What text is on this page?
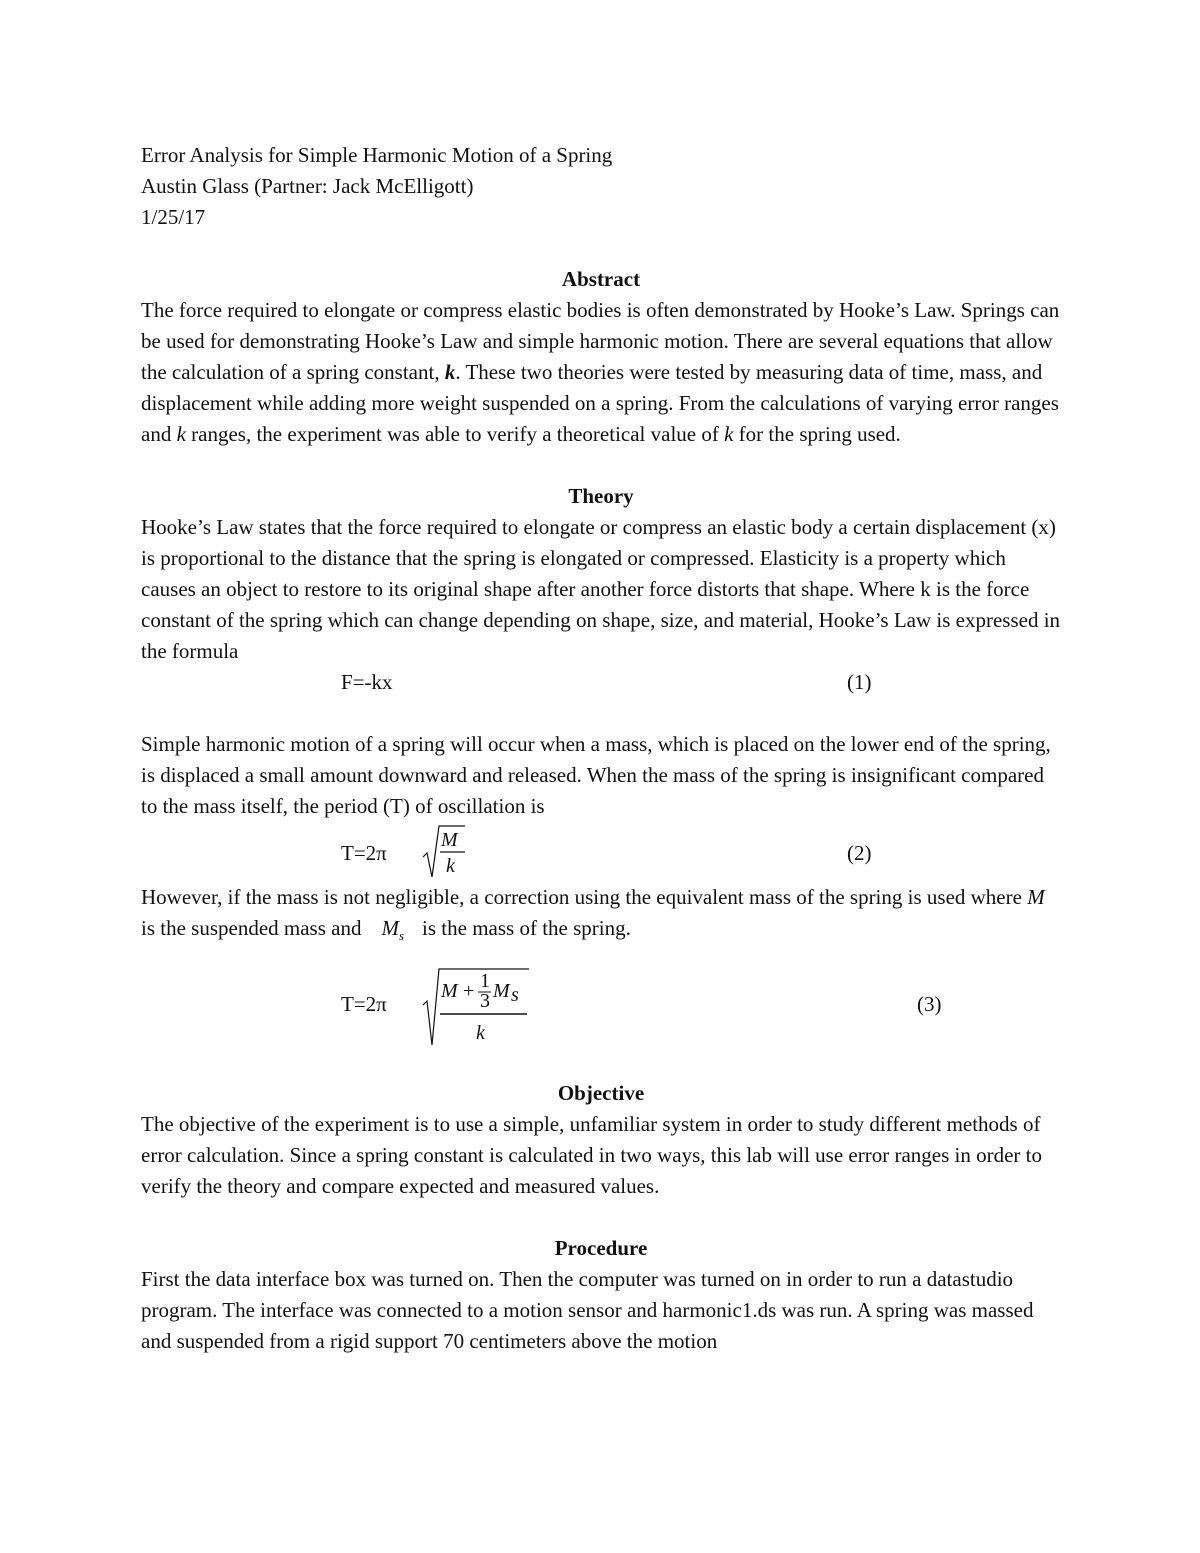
Error Analysis for Simple Harmonic Motion of a Spring
Austin Glass (Partner: Jack McElligott)
1/25/17
Abstract

The force required to elongate or compress elastic bodies is often demonstrated by Hooke’s Law. Springs can be used for demonstrating Hooke’s Law and simple harmonic motion. There are several equations that allow the calculation of a spring constant, k. These two theories were tested by measuring data of time, mass, and displacement while adding more weight suspended on a spring. From the calculations of varying error ranges and k ranges, the experiment was able to verify a theoretical value of k for the spring used.

Theory

Hooke’s Law states that the force required to elongate or compress an elastic body a certain displacement (x) is proportional to the distance that the spring is elongated or compressed. Elasticity is a property which causes an object to restore to its original shape after another force distorts that shape. Where k is the force constant of the spring which can change depending on shape, size, and material, Hooke’s Law is expressed in the formula

F=-kx	(1)

Simple harmonic motion of a spring will occur when a mass, which is placed on the lower end of the spring, is displaced a small amount downward and released. When the mass of the spring is insignificant compared to the mass itself, the period (T) of oscillation is

T=2π
M
k
(2)

However, if the mass is not negligible, a correction using the equivalent mass of the spring is used where M is the suspended mass and $M_s$ is the mass of the spring.

T=2π
M + 1
3 M s
k
(3)
Objective

The objective of the experiment is to use a simple, unfamiliar system in order to study different methods of error calculation. Since a spring constant is calculated in two ways, this lab will use error ranges in order to verify the theory and compare expected and measured values.

Procedure

First the data interface box was turned on. Then the computer was turned on in order to run a datastudio program. The interface was connected to a motion sensor and harmonic1.ds was run. A spring was massed and suspended from a rigid support 70 centimeters above the motion
